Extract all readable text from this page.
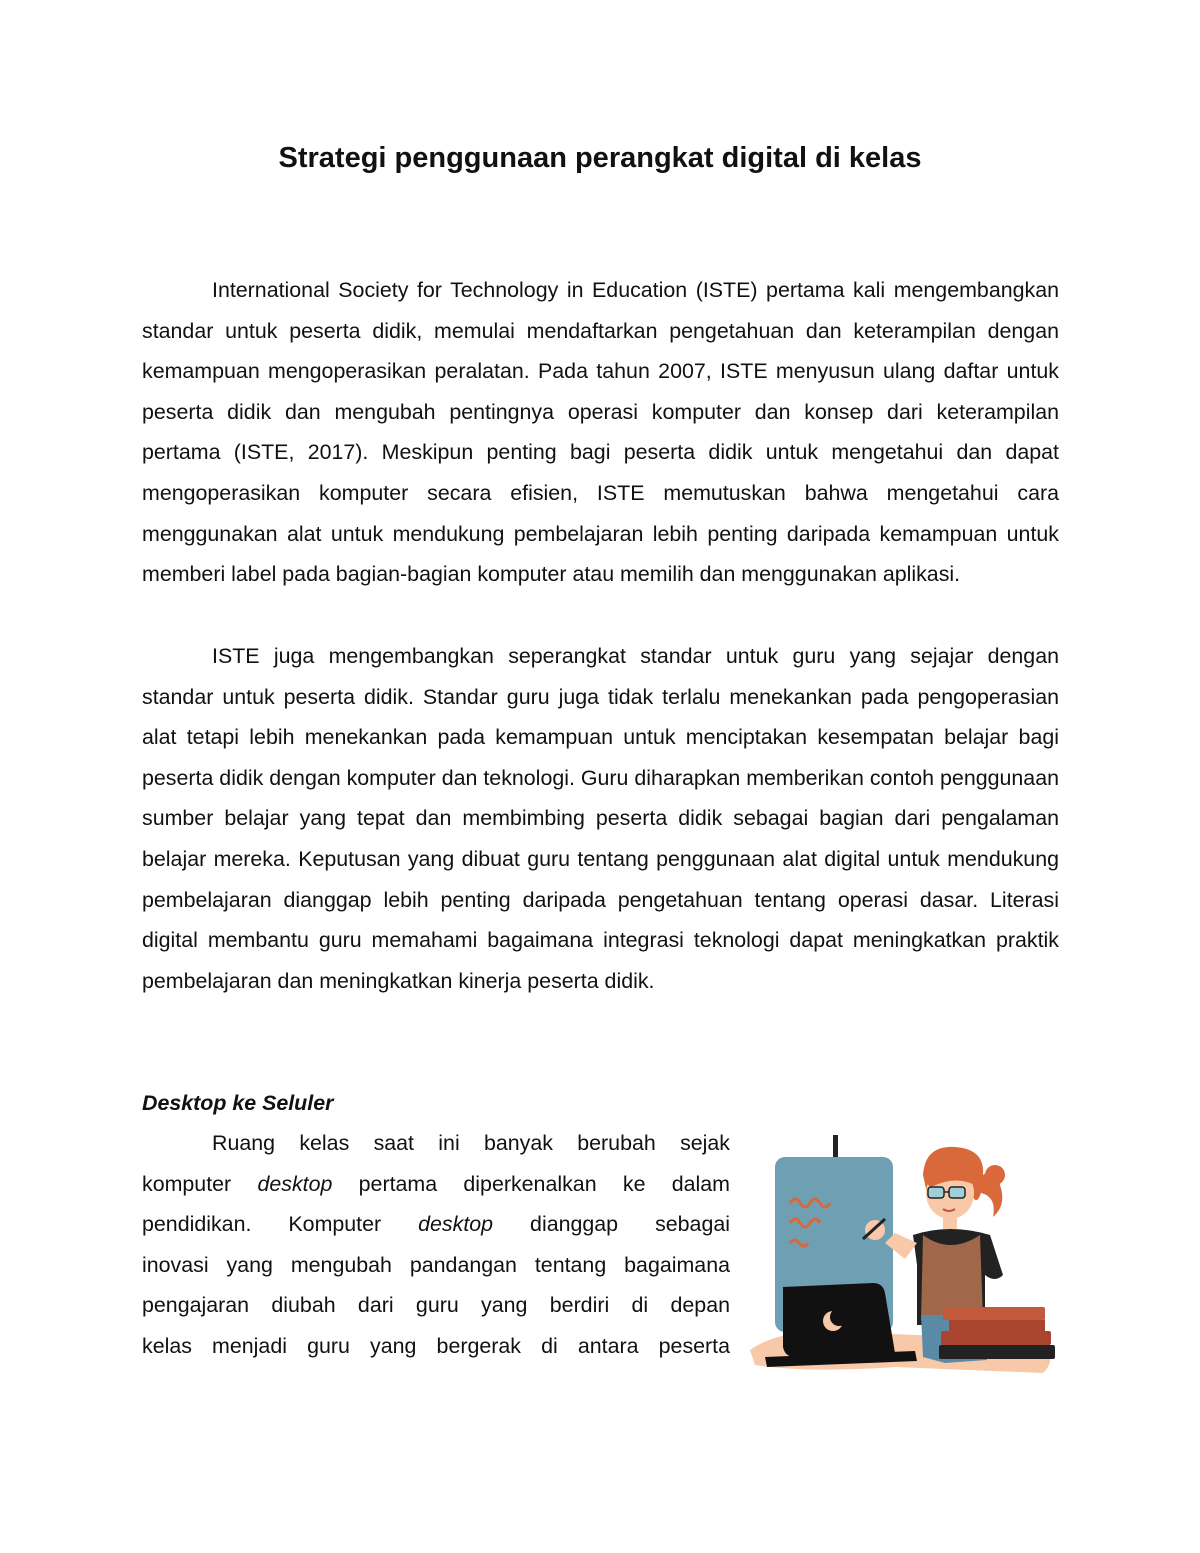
Strategi penggunaan perangkat digital di kelas

International Society for Technology in Education (ISTE) pertama kali mengembangkan standar untuk peserta didik, memulai mendaftarkan pengetahuan dan keterampilan dengan kemampuan mengoperasikan peralatan. Pada tahun 2007, ISTE menyusun ulang daftar untuk peserta didik dan mengubah pentingnya operasi komputer dan konsep dari keterampilan pertama (ISTE, 2017). Meskipun penting bagi peserta didik untuk mengetahui dan dapat mengoperasikan komputer secara efisien, ISTE memutuskan bahwa mengetahui cara menggunakan alat untuk mendukung pembelajaran lebih penting daripada kemampuan untuk memberi label pada bagian-bagian komputer atau memilih dan menggunakan aplikasi.

ISTE juga mengembangkan seperangkat standar untuk guru yang sejajar dengan standar untuk peserta didik. Standar guru juga tidak terlalu menekankan pada pengoperasian alat tetapi lebih menekankan pada kemampuan untuk menciptakan kesempatan belajar bagi peserta didik dengan komputer dan teknologi. Guru diharapkan memberikan contoh penggunaan sumber belajar yang tepat dan membimbing peserta didik sebagai bagian dari pengalaman belajar mereka. Keputusan yang dibuat guru tentang penggunaan alat digital untuk mendukung pembelajaran dianggap lebih penting daripada pengetahuan tentang operasi dasar. Literasi digital membantu guru memahami bagaimana integrasi teknologi dapat meningkatkan praktik pembelajaran dan meningkatkan kinerja peserta didik.

Desktop ke Seluler

Ruang kelas saat ini banyak berubah sejak
komputer desktop pertama diperkenalkan ke dalam
pendidikan. Komputer desktop dianggap sebagai
inovasi yang mengubah pandangan tentang bagaimana
pengajaran diubah dari guru yang berdiri di depan
kelas menjadi guru yang bergerak di antara peserta
